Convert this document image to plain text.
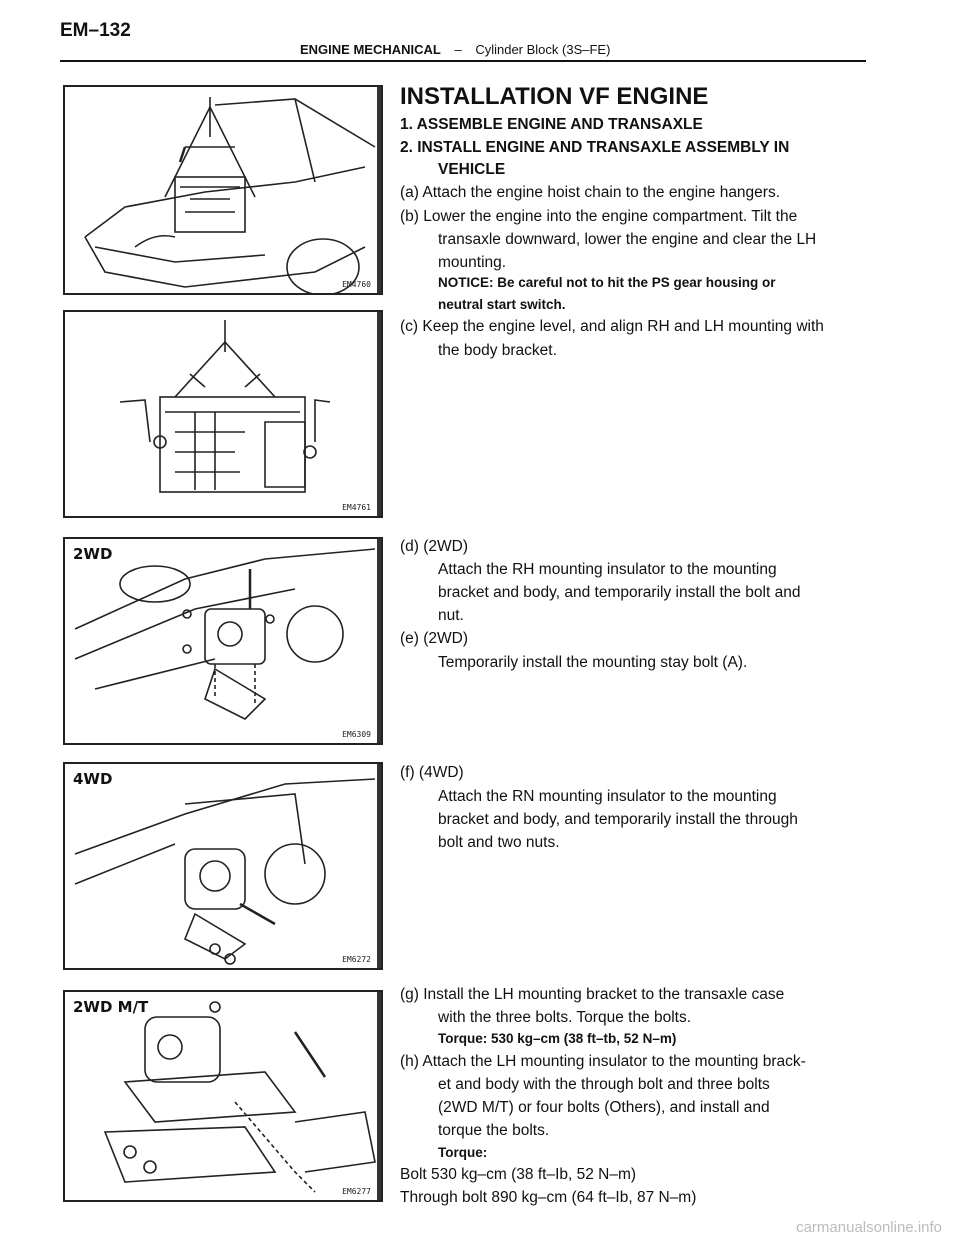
EM–132
ENGINE MECHANICAL – Cylinder Block (3S–FE)
EM4760
EM4761
2WD
EM6309
4WD
EM6272
2WD M/T
EM6277
INSTALLATION VF ENGINE
1. ASSEMBLE ENGINE AND TRANSAXLE
2. INSTALL ENGINE AND TRANSAXLE ASSEMBLY IN
VEHICLE
(a) Attach the engine hoist chain to the engine hangers.
(b) Lower the engine into the engine compartment. Tilt the
transaxle downward, lower the engine and clear the LH
mounting.
NOTICE: Be careful not to hit the PS gear housing or
neutral start switch.
(c) Keep the engine level, and align RH and LH mounting with
the body bracket.
(d) (2WD)
Attach the RH mounting insulator to the mounting
bracket and body, and temporarily install the bolt and
nut.
(e) (2WD)
Temporarily install the mounting stay bolt (A).
(f) (4WD)
Attach the RN mounting insulator to the mounting
bracket and body, and temporarily install the through
bolt and two nuts.
(g) Install the LH mounting bracket to the transaxle case
with the three bolts. Torque the bolts.
Torque: 530 kg–cm (38 ft–tb, 52 N–m)
(h) Attach the LH mounting insulator to the mounting brack-
et and body with the through bolt and three bolts
(2WD M/T) or four bolts (Others), and install and
torque the bolts.
Torque:
Bolt 530 kg–cm (38 ft–Ib, 52 N–m)
Through bolt 890 kg–cm (64 ft–Ib, 87 N–m)
carmanualsonline.info
